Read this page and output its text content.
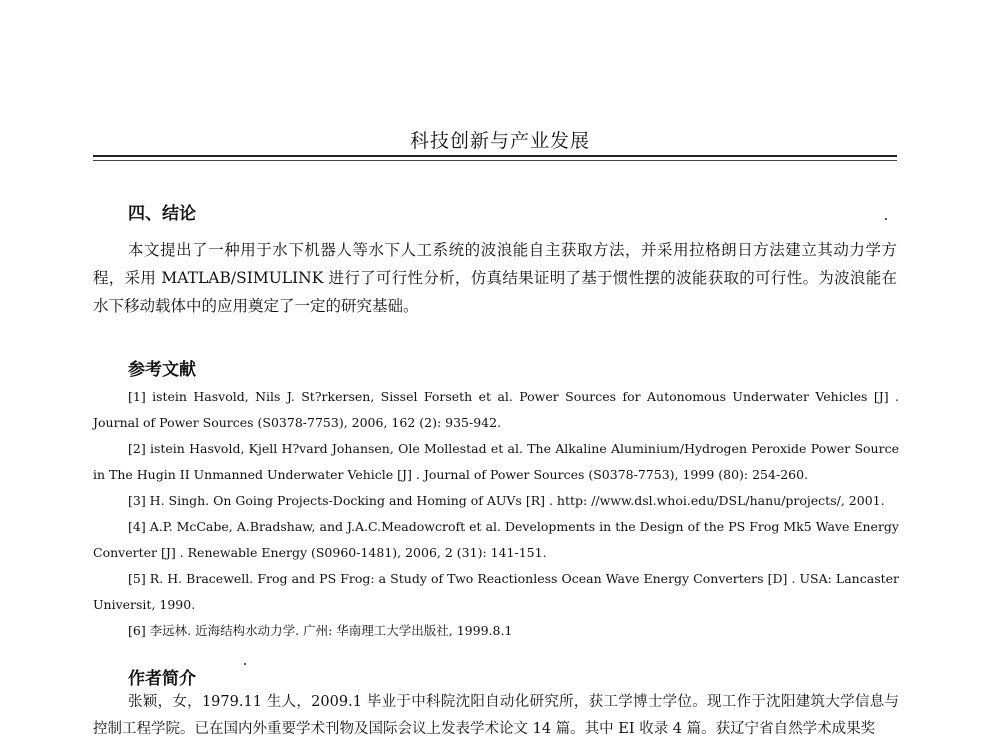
科技创新与产业发展
四、结论
本文提出了一种用于水下机器人等水下人工系统的波浪能自主获取方法，并采用拉格朗日方法建立其动力学方程，采用 MATLAB/SIMULINK 进行了可行性分析，仿真结果证明了基于惯性摆的波能获取的可行性。为波浪能在水下移动载体中的应用奠定了一定的研究基础。
参考文献

[1] istein Hasvold, Nils J. St?rkersen, Sissel Forseth et al. Power Sources for Autonomous Underwater Vehicles [J] . Journal of Power Sources (S0378-7753), 2006, 162 (2): 935-942.

[2] istein Hasvold, Kjell H?vard Johansen, Ole Mollestad et al. The Alkaline Aluminium/Hydrogen Peroxide Power Source in The Hugin II Unmanned Underwater Vehicle [J] . Journal of Power Sources (S0378-7753), 1999 (80): 254-260.

[3] H. Singh. On Going Projects-Docking and Homing of AUVs [R] . http: //www.dsl.whoi.edu/DSL/hanu/projects/, 2001.

[4] A.P. McCabe, A.Bradshaw, and J.A.C.Meadowcroft et al. Developments in the Design of the PS Frog Mk5 Wave Energy Converter [J] . Renewable Energy (S0960-1481), 2006, 2 (31): 141-151.

[5] R. H. Bracewell. Frog and PS Frog: a Study of Two Reactionless Ocean Wave Energy Converters [D] . USA: Lancaster Universit, 1990.

[6] 李远林. 近海结构水动力学. 广州: 华南理工大学出版社, 1999.8.1

作者简介
张颖，女，1979.11 生人，2009.1 毕业于中科院沈阳自动化研究所，获工学博士学位。现工作于沈阳建筑大学信息与控制工程学院。已在国内外重要学术刊物及国际会议上发表学术论文 14 篇。其中 EI 收录 4 篇。获辽宁省自然学术成果奖
